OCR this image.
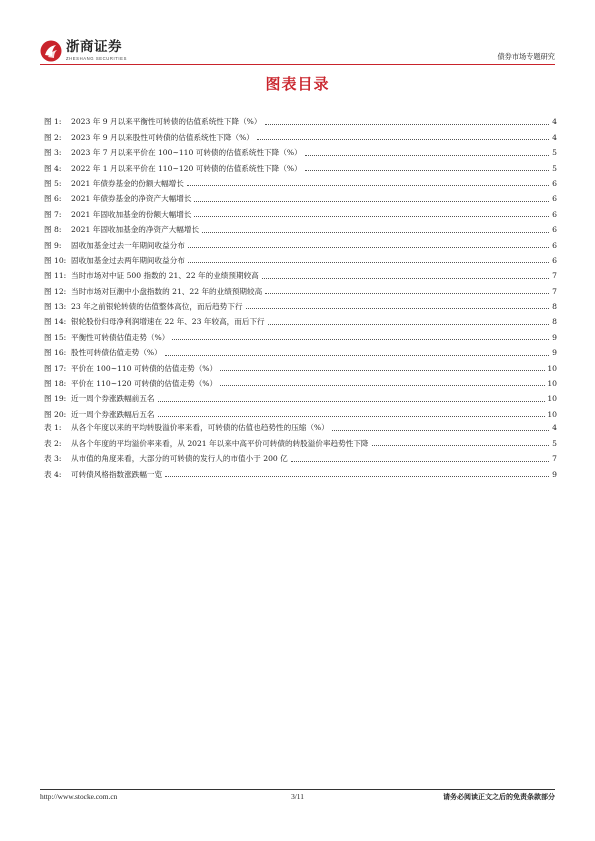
浙商证券
ZHESHANG SECURITIES	债券市场专题研究
图表目录
图 1:	2023 年 9 月以来平衡性可转债的估值系统性下降（%）	4
图 2:	2023 年 9 月以来股性可转债的估值系统性下降（%）	4
图 3:	2023 年 7 月以来平价在 100~110 可转债的估值系统性下降（%）	5
图 4:	2022 年 1 月以来平价在 110~120 可转债的估值系统性下降（%）	5
图 5:	2021 年债券基金的份额大幅增长	6
图 6:	2021 年债券基金的净资产大幅增长	6
图 7:	2021 年固收加基金的份额大幅增长	6
图 8:	2021 年固收加基金的净资产大幅增长	6
图 9:	固收加基金过去一年期间收益分布	6
图 10: 固收加基金过去两年期间收益分布	6
图 11: 当时市场对中证 500 指数的 21、22 年的业绩预期较高	7
图 12: 当时市场对巨潮中小盘指数的 21、22 年的业绩预期较高	7
图 13: 23 年之前银轮转债的估值整体高位，而后趋势下行	8
图 14: 银轮股份归母净利润增速在 22 年、23 年较高，而后下行	8
图 15: 平衡性可转债估值走势（%）	9
图 16: 股性可转债估值走势（%）	9
图 17: 平价在 100~110 可转债的估值走势（%）	10
图 18: 平价在 110~120 可转债的估值走势（%）	10
图 19: 近一周个券涨跌幅前五名	10
图 20: 近一周个券涨跌幅后五名	10
表 1:	从各个年度以来的平均转股溢价率来看，可转债的估值也趋势性的压缩（%）	4
表 2:	从各个年度的平均溢价率来看，从 2021 年以来中高平价可转债的转股溢价率趋势性下降	5
表 3:	从市值的角度来看，大部分的可转债的发行人的市值小于 200 亿	7
表 4:	可转债风格指数涨跌幅一览	9
http://www.stocke.com.cn	3/11	请务必阅读正文之后的免责条款部分
